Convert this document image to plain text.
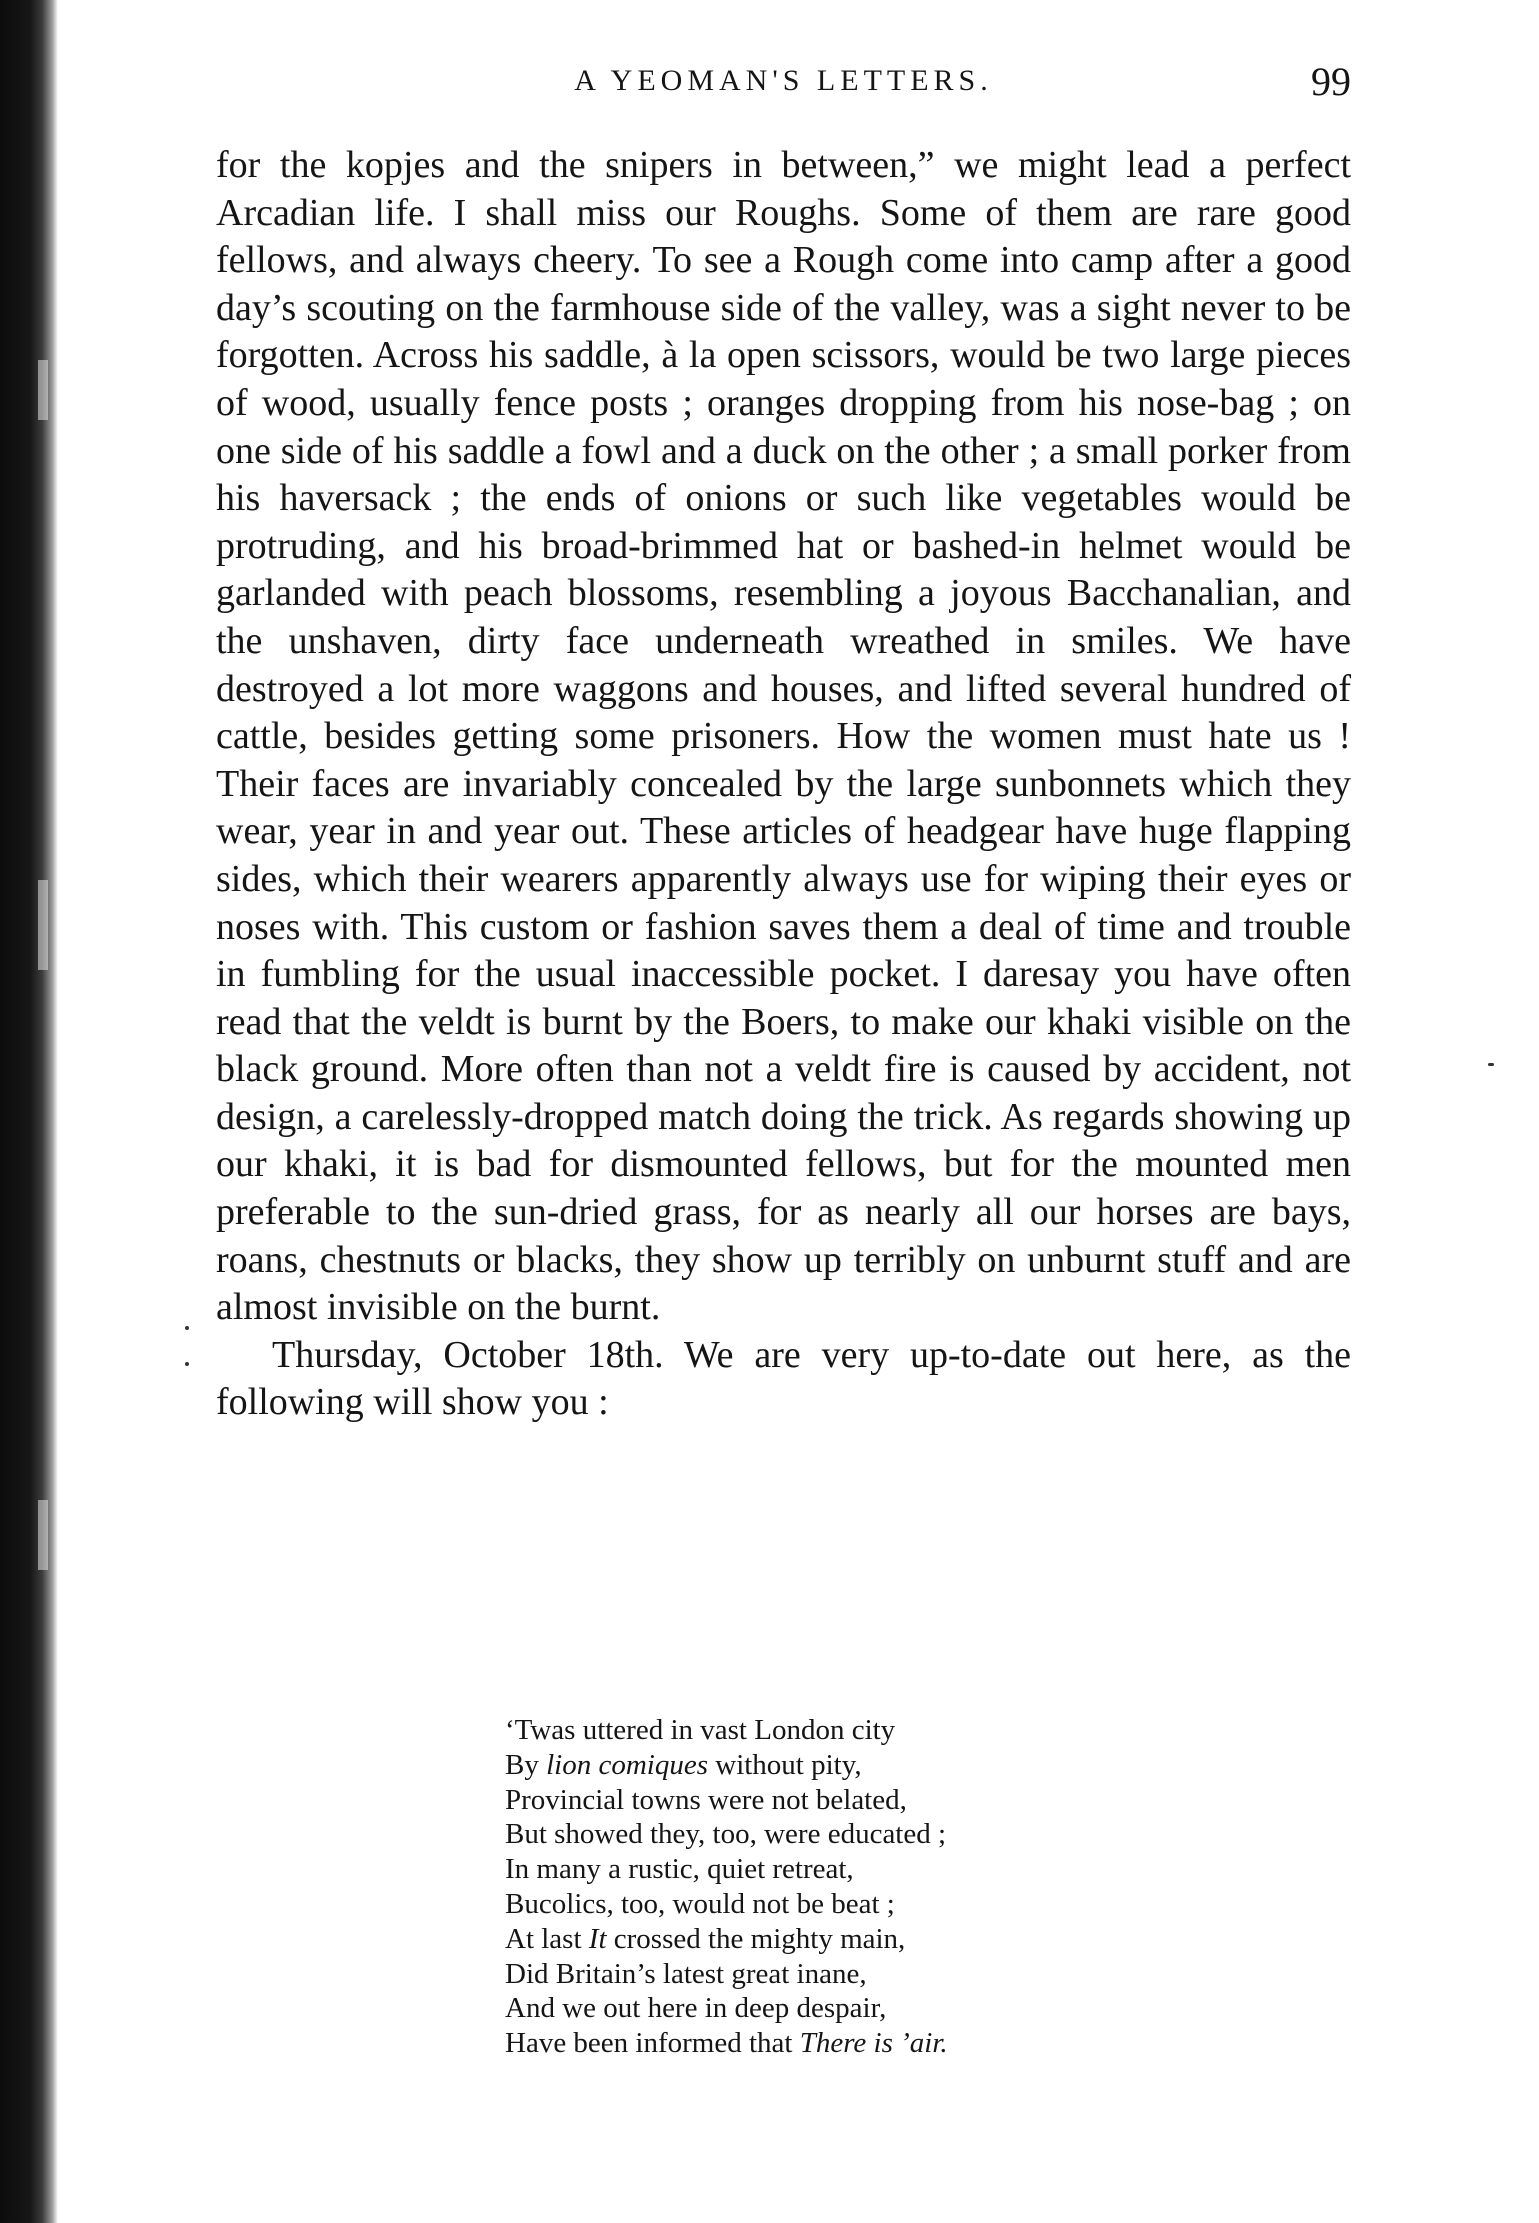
A YEOMAN'S LETTERS.	99

for the kopjes and the snipers in between,” we might lead a perfect Arcadian life. I shall miss our Roughs. Some of them are rare good fellows, and always cheery. To see a Rough come into camp after a good day’s scouting on the farmhouse side of the valley, was a sight never to be forgotten. Across his saddle, à la open scissors, would be two large pieces of wood, usually fence posts ; oranges dropping from his nose-bag ; on one side of his saddle a fowl and a duck on the other ; a small porker from his haversack ; the ends of onions or such like vegetables would be protruding, and his broad-brimmed hat or bashed-in helmet would be garlanded with peach blossoms, resembling a joyous Bacchanalian, and the unshaven, dirty face underneath wreathed in smiles. We have destroyed a lot more waggons and houses, and lifted several hundred of cattle, besides getting some prisoners. How the women must hate us ! Their faces are invariably concealed by the large sunbonnets which they wear, year in and year out. These articles of headgear have huge flapping sides, which their wearers apparently always use for wiping their eyes or noses with. This custom or fashion saves them a deal of time and trouble in fumbling for the usual inaccessible pocket. I daresay you have often read that the veldt is burnt by the Boers, to make our khaki visible on the black ground. More often than not a veldt fire is caused by accident, not design, a carelessly-dropped match doing the trick. As regards showing up our khaki, it is bad for dismounted fellows, but for the mounted men preferable to the sun-dried grass, for as nearly all our horses are bays, roans, chestnuts or blacks, they show up terribly on unburnt stuff and are almost invisible on the burnt.

Thursday, October 18th. We are very up-to-date out here, as the following will show you :

‘Twas uttered in vast London city
By lion comiques without pity,
Provincial towns were not belated,
But showed they, too, were educated ;
In many a rustic, quiet retreat,
Bucolics, too, would not be beat ;
At last It crossed the mighty main,
Did Britain’s latest great inane,
And we out here in deep despair,
Have been informed that There is ’air.
